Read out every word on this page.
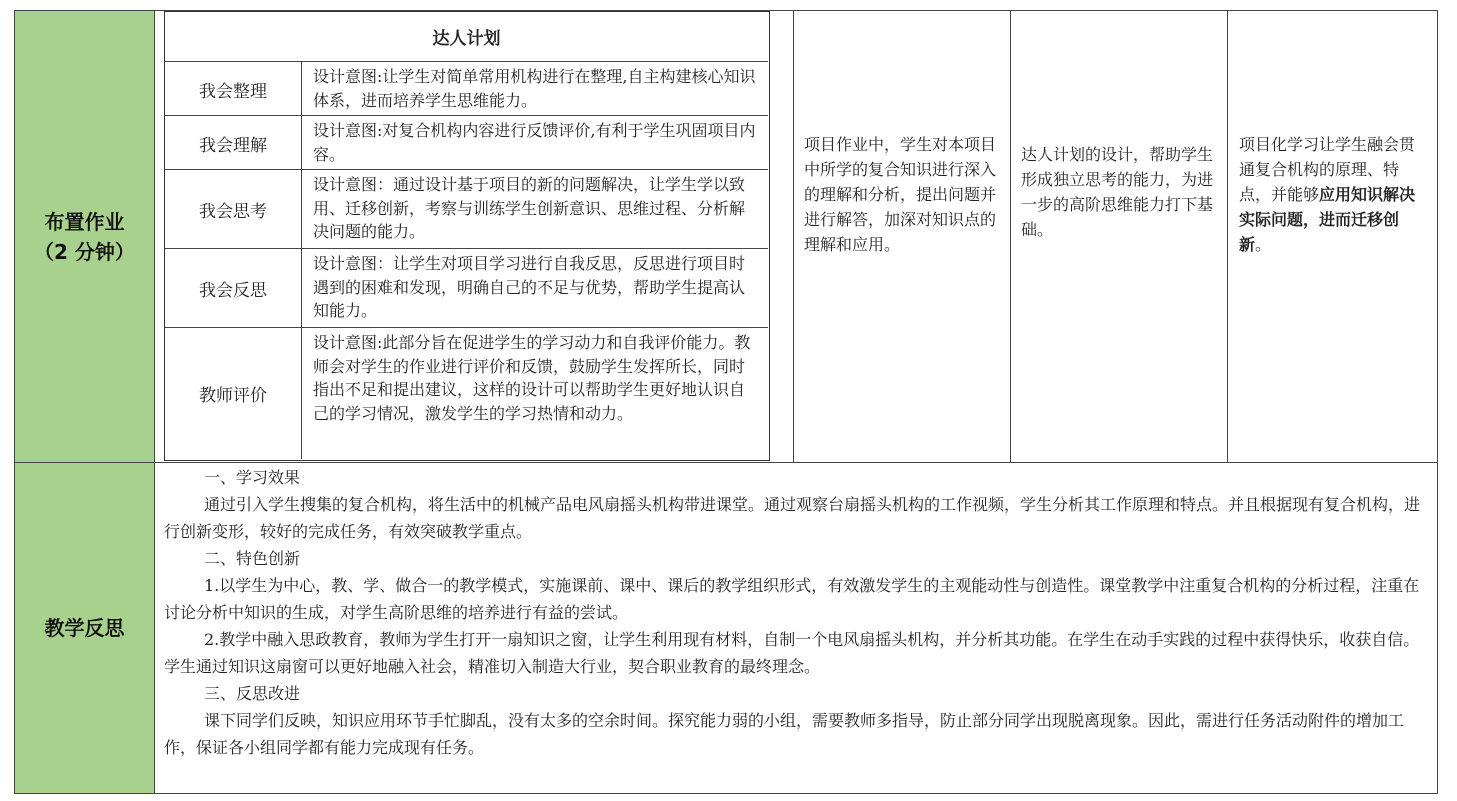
布置作业
（2 分钟）
教学反思
达人计划
我会整理
设计意图:让学生对简单常用机构进行在整理,自主构建核心知识体系，进而培养学生思维能力。
我会理解
设计意图:对复合机构内容进行反馈评价,有利于学生巩固项目内容。
我会思考
设计意图：通过设计基于项目的新的问题解决，让学生学以致用、迁移创新，考察与训练学生创新意识、思维过程、分析解决问题的能力。
我会反思
设计意图：让学生对项目学习进行自我反思，反思进行项目时遇到的困难和发现，明确自己的不足与优势，帮助学生提高认知能力。
教师评价
设计意图:此部分旨在促进学生的学习动力和自我评价能力。教师会对学生的作业进行评价和反馈，鼓励学生发挥所长，同时指出不足和提出建议，这样的设计可以帮助学生更好地认识自己的学习情况，激发学生的学习热情和动力。
项目作业中，学生对本项目中所学的复合知识进行深入的理解和分析，提出问题并进行解答，加深对知识点的理解和应用。
达人计划的设计，帮助学生形成独立思考的能力，为进一步的高阶思维能力打下基础。
项目化学习让学生融会贯通复合机构的原理、特点，并能够应用知识解决实际问题，进而迁移创新。

一、学习效果

通过引入学生搜集的复合机构，将生活中的机械产品电风扇摇头机构带进课堂。通过观察台扇摇头机构的工作视频，学生分析其工作原理和特点。并且根据现有复合机构，进行创新变形，较好的完成任务，有效突破教学重点。

二、特色创新

1.以学生为中心，教、学、做合一的教学模式，实施课前、课中、课后的教学组织形式，有效激发学生的主观能动性与创造性。课堂教学中注重复合机构的分析过程，注重在讨论分析中知识的生成，对学生高阶思维的培养进行有益的尝试。

2.教学中融入思政教育，教师为学生打开一扇知识之窗，让学生利用现有材料，自制一个电风扇摇头机构，并分析其功能。在学生在动手实践的过程中获得快乐，收获自信。学生通过知识这扇窗可以更好地融入社会，精准切入制造大行业，契合职业教育的最终理念。

三、反思改进

课下同学们反映，知识应用环节手忙脚乱，没有太多的空余时间。探究能力弱的小组，需要教师多指导，防止部分同学出现脱离现象。因此，需进行任务活动附件的增加工作，保证各小组同学都有能力完成现有任务。
